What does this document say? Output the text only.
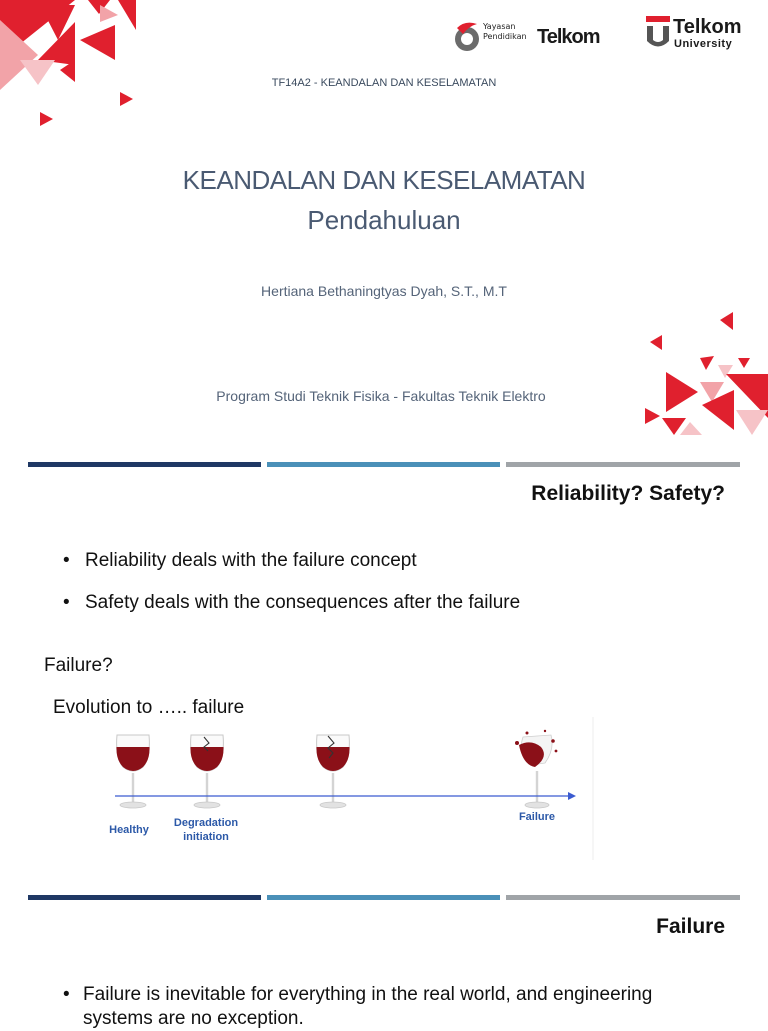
Yayasan
Pendidikan Telkom	Telkom
University
TF14A2 - KEANDALAN DAN KESELAMATAN
KEANDALAN DAN KESELAMATAN
Pendahuluan
Hertiana Bethaningtyas Dyah, S.T., M.T
Program Studi Teknik Fisika - Fakultas Teknik Elektro
Reliability? Safety?
• Reliability deals with the failure concept
• Safety deals with the consequences after the failure
Failure?
Evolution to ….. failure
Healthy
Degradation
initiation
Failure
Failure
• Failure is inevitable for everything in the real world, and engineering systems are no exception.
